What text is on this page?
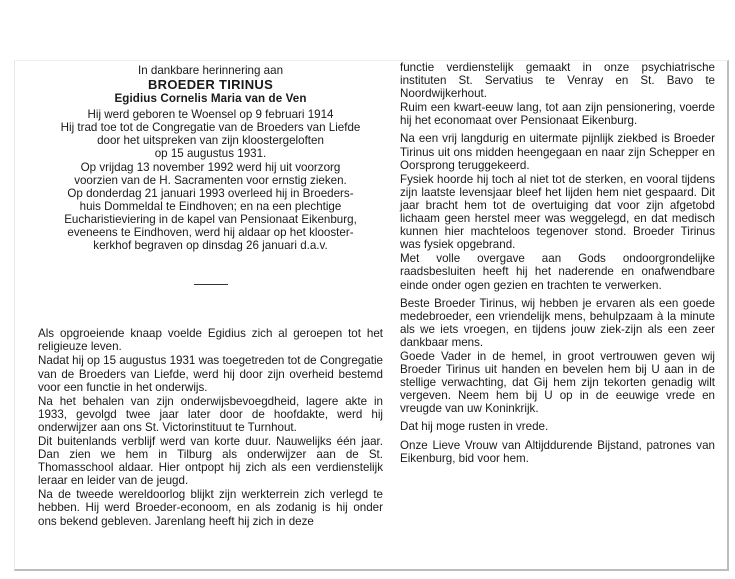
In dankbare herinnering aan
BROEDER TIRINUS
Egidius Cornelis Maria van de Ven
Hij werd geboren te Woensel op 9 februari 1914
Hij trad toe tot de Congregatie van de Broeders van Liefde
door het uitspreken van zijn kloostergeloften
op 15 augustus 1931.
Op vrijdag 13 november 1992 werd hij uit voorzorg
voorzien van de H. Sacramenten voor ernstig zieken.
Op donderdag 21 januari 1993 overleed hij in Broeders-
huis Dommeldal te Eindhoven; en na een plechtige
Eucharistieviering in de kapel van Pensionaat Eikenburg,
eveneens te Eindhoven, werd hij aldaar op het klooster-
kerkhof begraven op dinsdag 26 januari d.a.v.

Als opgroeiende knaap voelde Egidius zich al geroepen tot het religieuze leven.

Nadat hij op 15 augustus 1931 was toegetreden tot de Congregatie van de Broeders van Liefde, werd hij door zijn overheid bestemd voor een functie in het onderwijs.

Na het behalen van zijn onderwijsbevoegdheid, lagere akte in 1933, gevolgd twee jaar later door de hoofdakte, werd hij onderwijzer aan ons St. Victorinstituut te Turnhout.

Dit buitenlands verblijf werd van korte duur. Nauwelijks één jaar. Dan zien we hem in Tilburg als onderwijzer aan de St. Thomasschool aldaar. Hier ontpopt hij zich als een verdienstelijk leraar en leider van de jeugd.

Na de tweede wereldoorlog blijkt zijn werkterrein zich verlegd te hebben. Hij werd Broeder-econoom, en als zodanig is hij onder ons bekend gebleven. Jarenlang heeft hij zich in deze

functie verdienstelijk gemaakt in onze psychiatrische instituten St. Servatius te Venray en St. Bavo te Noordwijkerhout.

Ruim een kwart-eeuw lang, tot aan zijn pensionering, voerde hij het economaat over Pensionaat Eikenburg.

Na een vrij langdurig en uitermate pijnlijk ziekbed is Broeder Tirinus uit ons midden heengegaan en naar zijn Schepper en Oorsprong teruggekeerd.

Fysiek hoorde hij toch al niet tot de sterken, en vooral tijdens zijn laatste levensjaar bleef het lijden hem niet gespaard. Dit jaar bracht hem tot de overtuiging dat voor zijn afgetobd lichaam geen herstel meer was weggelegd, en dat medisch kunnen hier machteloos tegenover stond. Broeder Tirinus was fysiek opgebrand.

Met volle overgave aan Gods ondoorgrondelijke raadsbesluiten heeft hij het naderende en onafwendbare einde onder ogen gezien en trachten te verwerken.

Beste Broeder Tirinus, wij hebben je ervaren als een goede medebroeder, een vriendelijk mens, behulpzaam à la minute als we iets vroegen, en tijdens jouw ziek-zijn als een zeer dankbaar mens.

Goede Vader in de hemel, in groot vertrouwen geven wij Broeder Tirinus uit handen en bevelen hem bij U aan in de stellige verwachting, dat Gij hem zijn tekorten genadig wilt vergeven. Neem hem bij U op in de eeuwige vrede en vreugde van uw Koninkrijk.

Dat hij moge rusten in vrede.

Onze Lieve Vrouw van Altijddurende Bijstand, patrones van Eikenburg, bid voor hem.
